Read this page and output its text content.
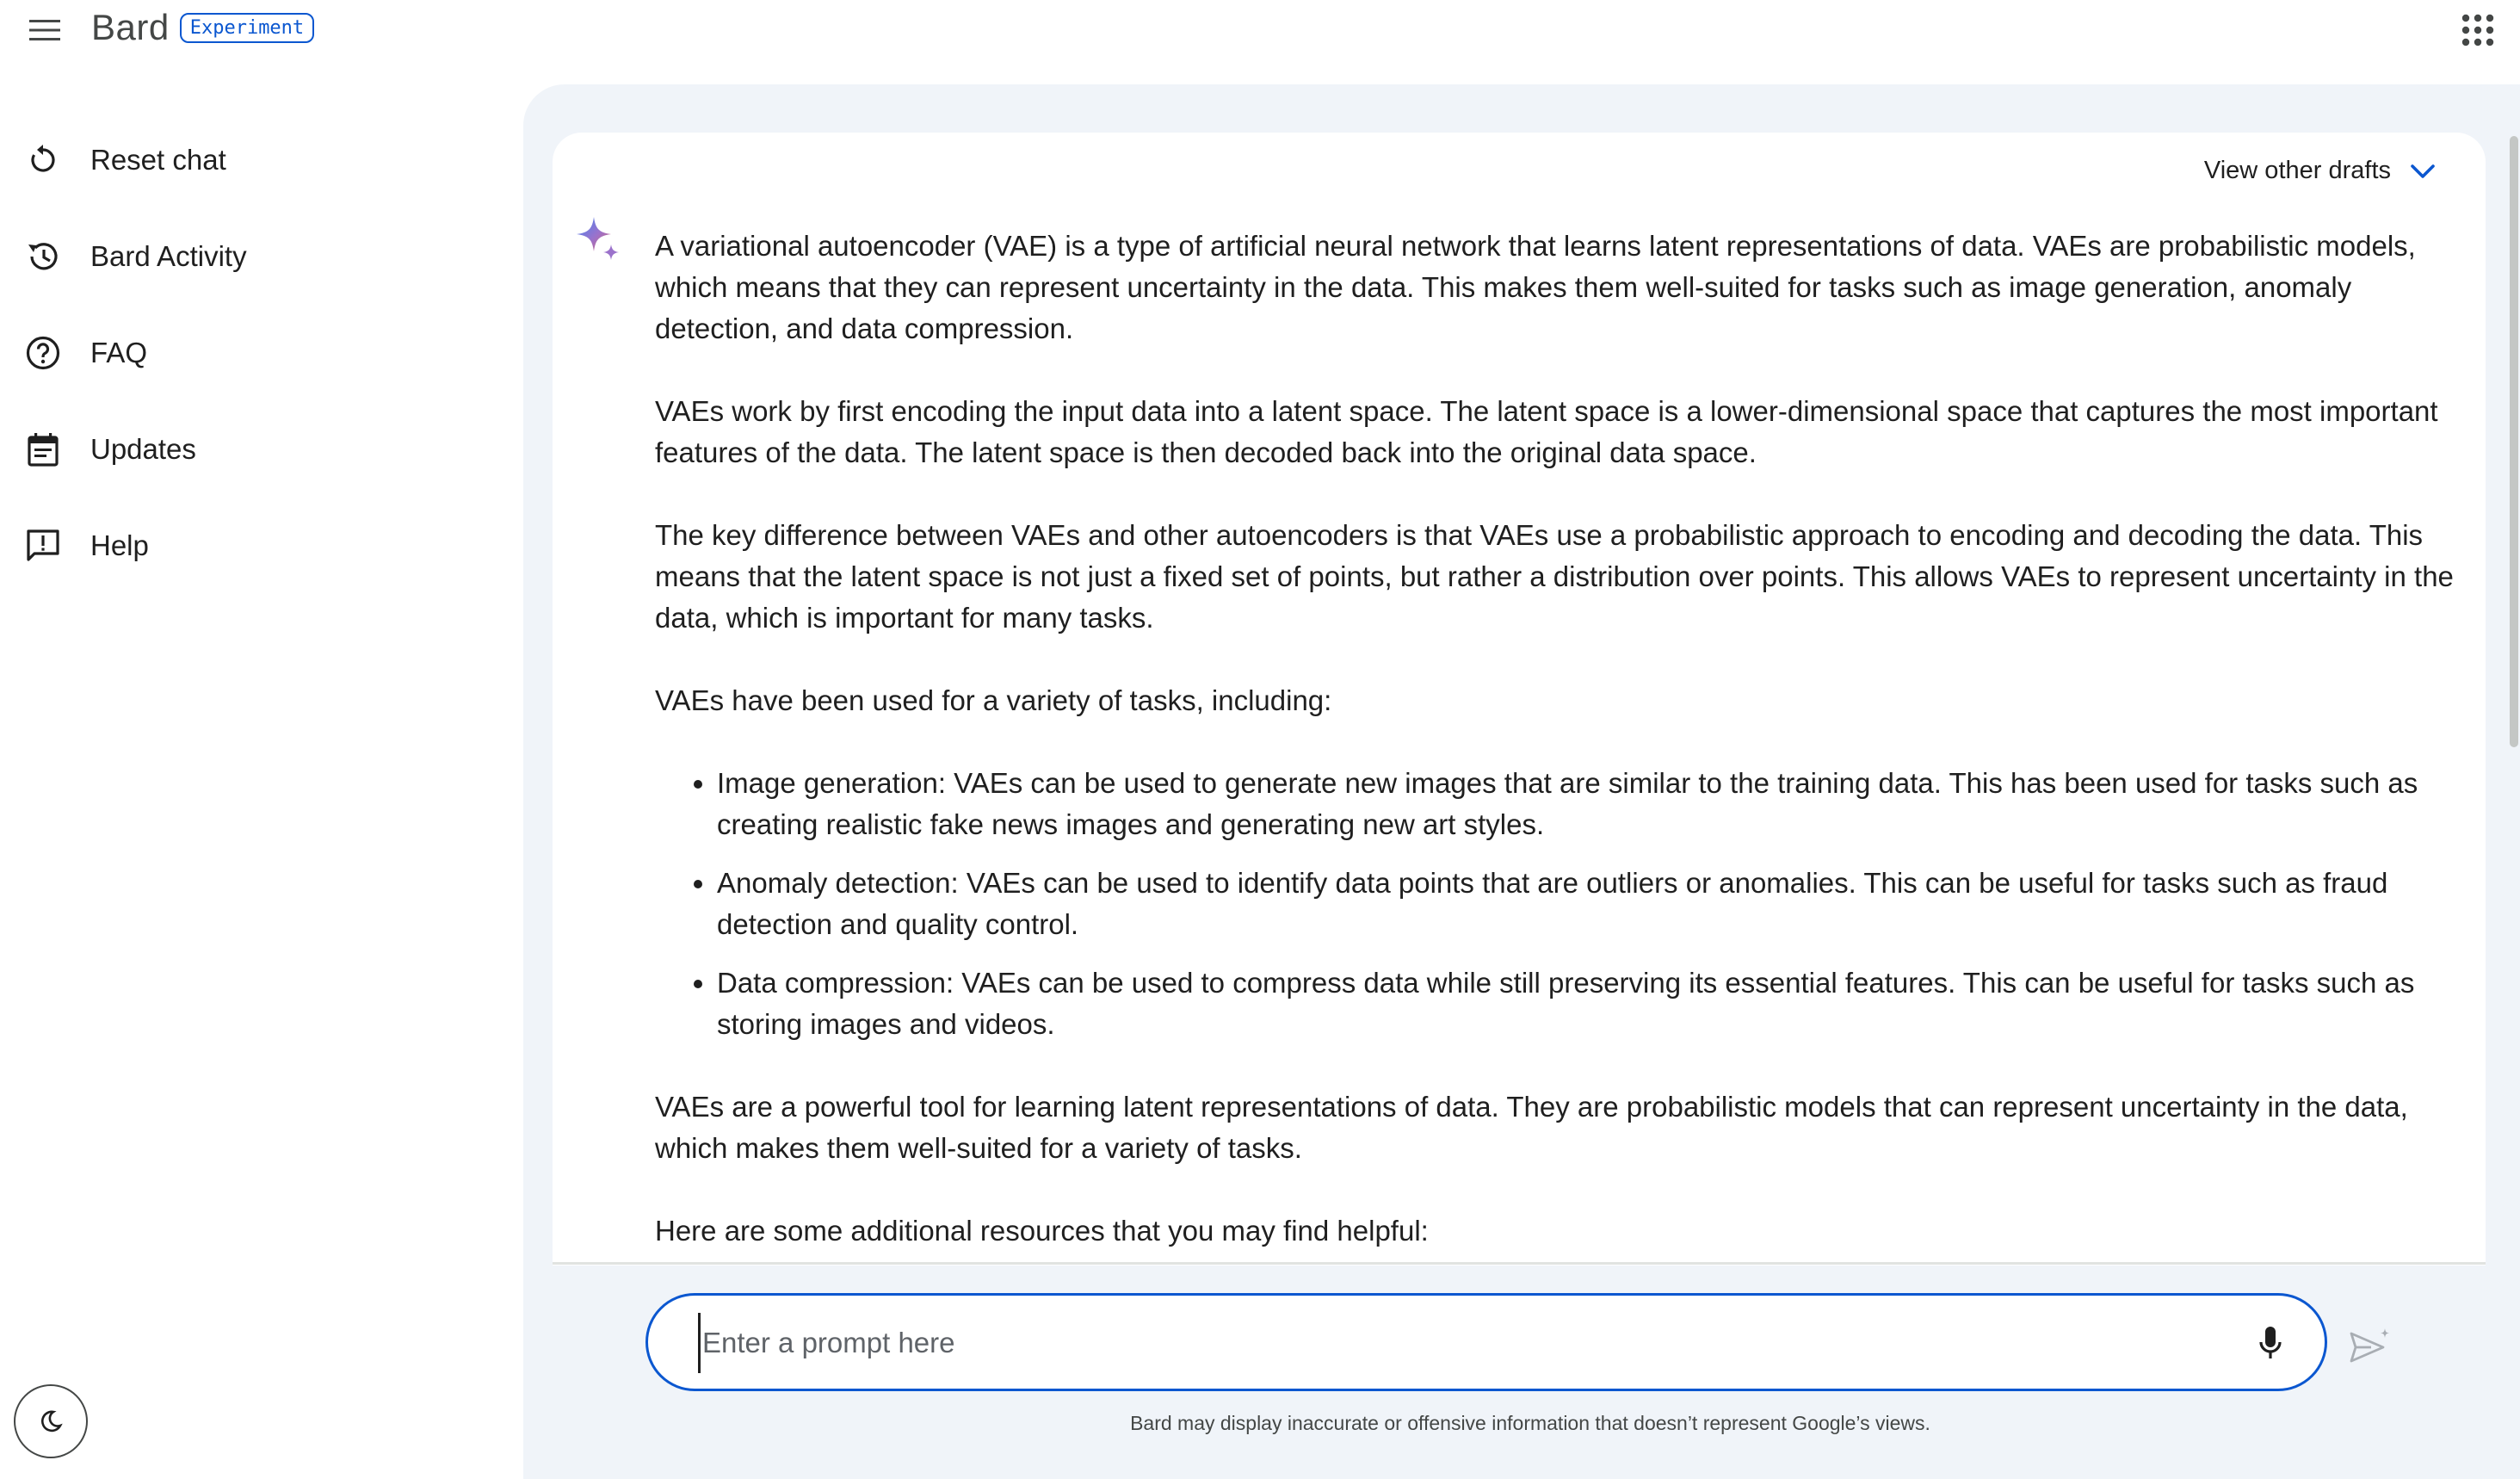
Bard	Experiment
Reset chat
Bard Activity
FAQ
Updates
Help
View other drafts

A variational autoencoder (VAE) is a type of artificial neural network that learns latent representations of data. VAEs are probabilistic models, which means that they can represent uncertainty in the data. This makes them well-suited for tasks such as image generation, anomaly detection, and data compression.

VAEs work by first encoding the input data into a latent space. The latent space is a lower-dimensional space that captures the most important features of the data. The latent space is then decoded back into the original data space.

The key difference between VAEs and other autoencoders is that VAEs use a probabilistic approach to encoding and decoding the data. This means that the latent space is not just a fixed set of points, but rather a distribution over points. This allows VAEs to represent uncertainty in the data, which is important for many tasks.

VAEs have been used for a variety of tasks, including:

• Image generation: VAEs can be used to generate new images that are similar to the training data. This has been used for tasks such as creating realistic fake news images and generating new art styles.
• Anomaly detection: VAEs can be used to identify data points that are outliers or anomalies. This can be useful for tasks such as fraud detection and quality control.
• Data compression: VAEs can be used to compress data while still preserving its essential features. This can be useful for tasks such as storing images and videos.

VAEs are a powerful tool for learning latent representations of data. They are probabilistic models that can represent uncertainty in the data, which makes them well-suited for a variety of tasks.

Here are some additional resources that you may find helpful:

Enter a prompt here
Bard may display inaccurate or offensive information that doesn’t represent Google’s views.
